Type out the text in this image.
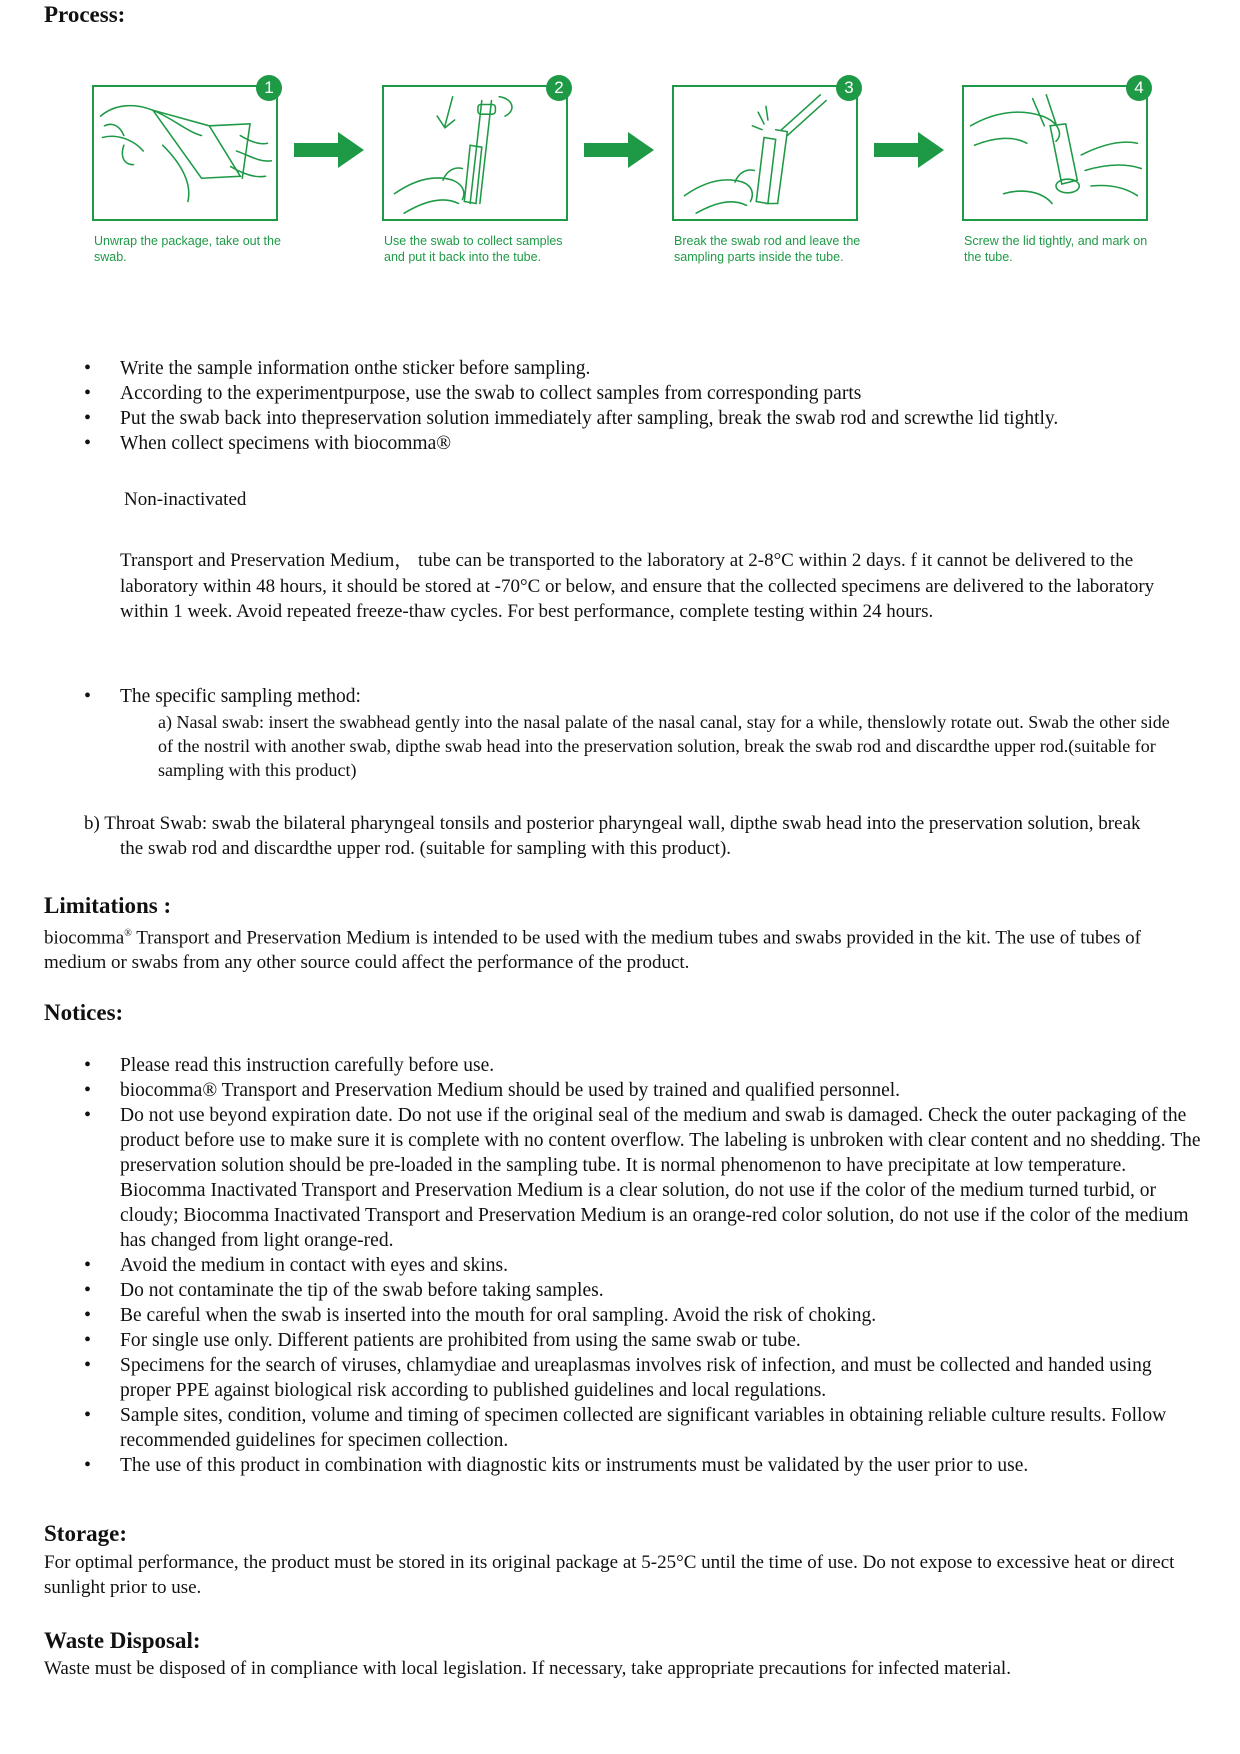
Process:
1
Unwrap the package, take out the swab.
2
Use the swab to collect samples and put it back into the tube.
3
Break the swab rod and leave the sampling parts inside the tube.
4
Screw the lid tightly, and mark on the tube.
• Write the sample information onthe sticker before sampling.
• According to the experimentpurpose, use the swab to collect samples from corresponding parts
• Put the swab back into thepreservation solution immediately after sampling, break the swab rod and screwthe lid tightly.
• When collect specimens with biocomma®
Non-inactivated
Transport and Preservation Medium， tube can be transported to the laboratory at 2-8°C within 2 days. f it cannot be delivered to the laboratory within 48 hours, it should be stored at -70°C or below, and ensure that the collected specimens are delivered to the laboratory within 1 week. Avoid repeated freeze-thaw cycles. For best performance, complete testing within 24 hours.
• The specific sampling method:
a) Nasal swab: insert the swabhead gently into the nasal palate of the nasal canal, stay for a while, thenslowly rotate out. Swab the other side of the nostril with another swab, dipthe swab head into the preservation solution, break the swab rod and discardthe upper rod.(suitable for sampling with this product)
b) Throat Swab: swab the bilateral pharyngeal tonsils and posterior pharyngeal wall, dipthe swab head into the preservation solution, break the swab rod and discardthe upper rod. (suitable for sampling with this product).
Limitations :

biocomma® Transport and Preservation Medium is intended to be used with the medium tubes and swabs provided in the kit. The use of tubes of medium or swabs from any other source could affect the performance of the product.

Notices:
• Please read this instruction carefully before use.
• biocomma® Transport and Preservation Medium should be used by trained and qualified personnel.
• Do not use beyond expiration date. Do not use if the original seal of the medium and swab is damaged. Check the outer packaging of the product before use to make sure it is complete with no content overflow. The labeling is unbroken with clear content and no shedding. The preservation solution should be pre-loaded in the sampling tube. It is normal phenomenon to have precipitate at low temperature. Biocomma Inactivated Transport and Preservation Medium is a clear solution, do not use if the color of the medium turned turbid, or cloudy; Biocomma Inactivated Transport and Preservation Medium is an orange-red color solution, do not use if the color of the medium has changed from light orange-red.
• Avoid the medium in contact with eyes and skins.
• Do not contaminate the tip of the swab before taking samples.
• Be careful when the swab is inserted into the mouth for oral sampling. Avoid the risk of choking.
• For single use only. Different patients are prohibited from using the same swab or tube.
• Specimens for the search of viruses, chlamydiae and ureaplasmas involves risk of infection, and must be collected and handed using proper PPE against biological risk according to published guidelines and local regulations.
• Sample sites, condition, volume and timing of specimen collected are significant variables in obtaining reliable culture results. Follow recommended guidelines for specimen collection.
• The use of this product in combination with diagnostic kits or instruments must be validated by the user prior to use.
Storage:

For optimal performance, the product must be stored in its original package at 5-25°C until the time of use. Do not expose to excessive heat or direct sunlight prior to use.

Waste Disposal:

Waste must be disposed of in compliance with local legislation. If necessary, take appropriate precautions for infected material.
